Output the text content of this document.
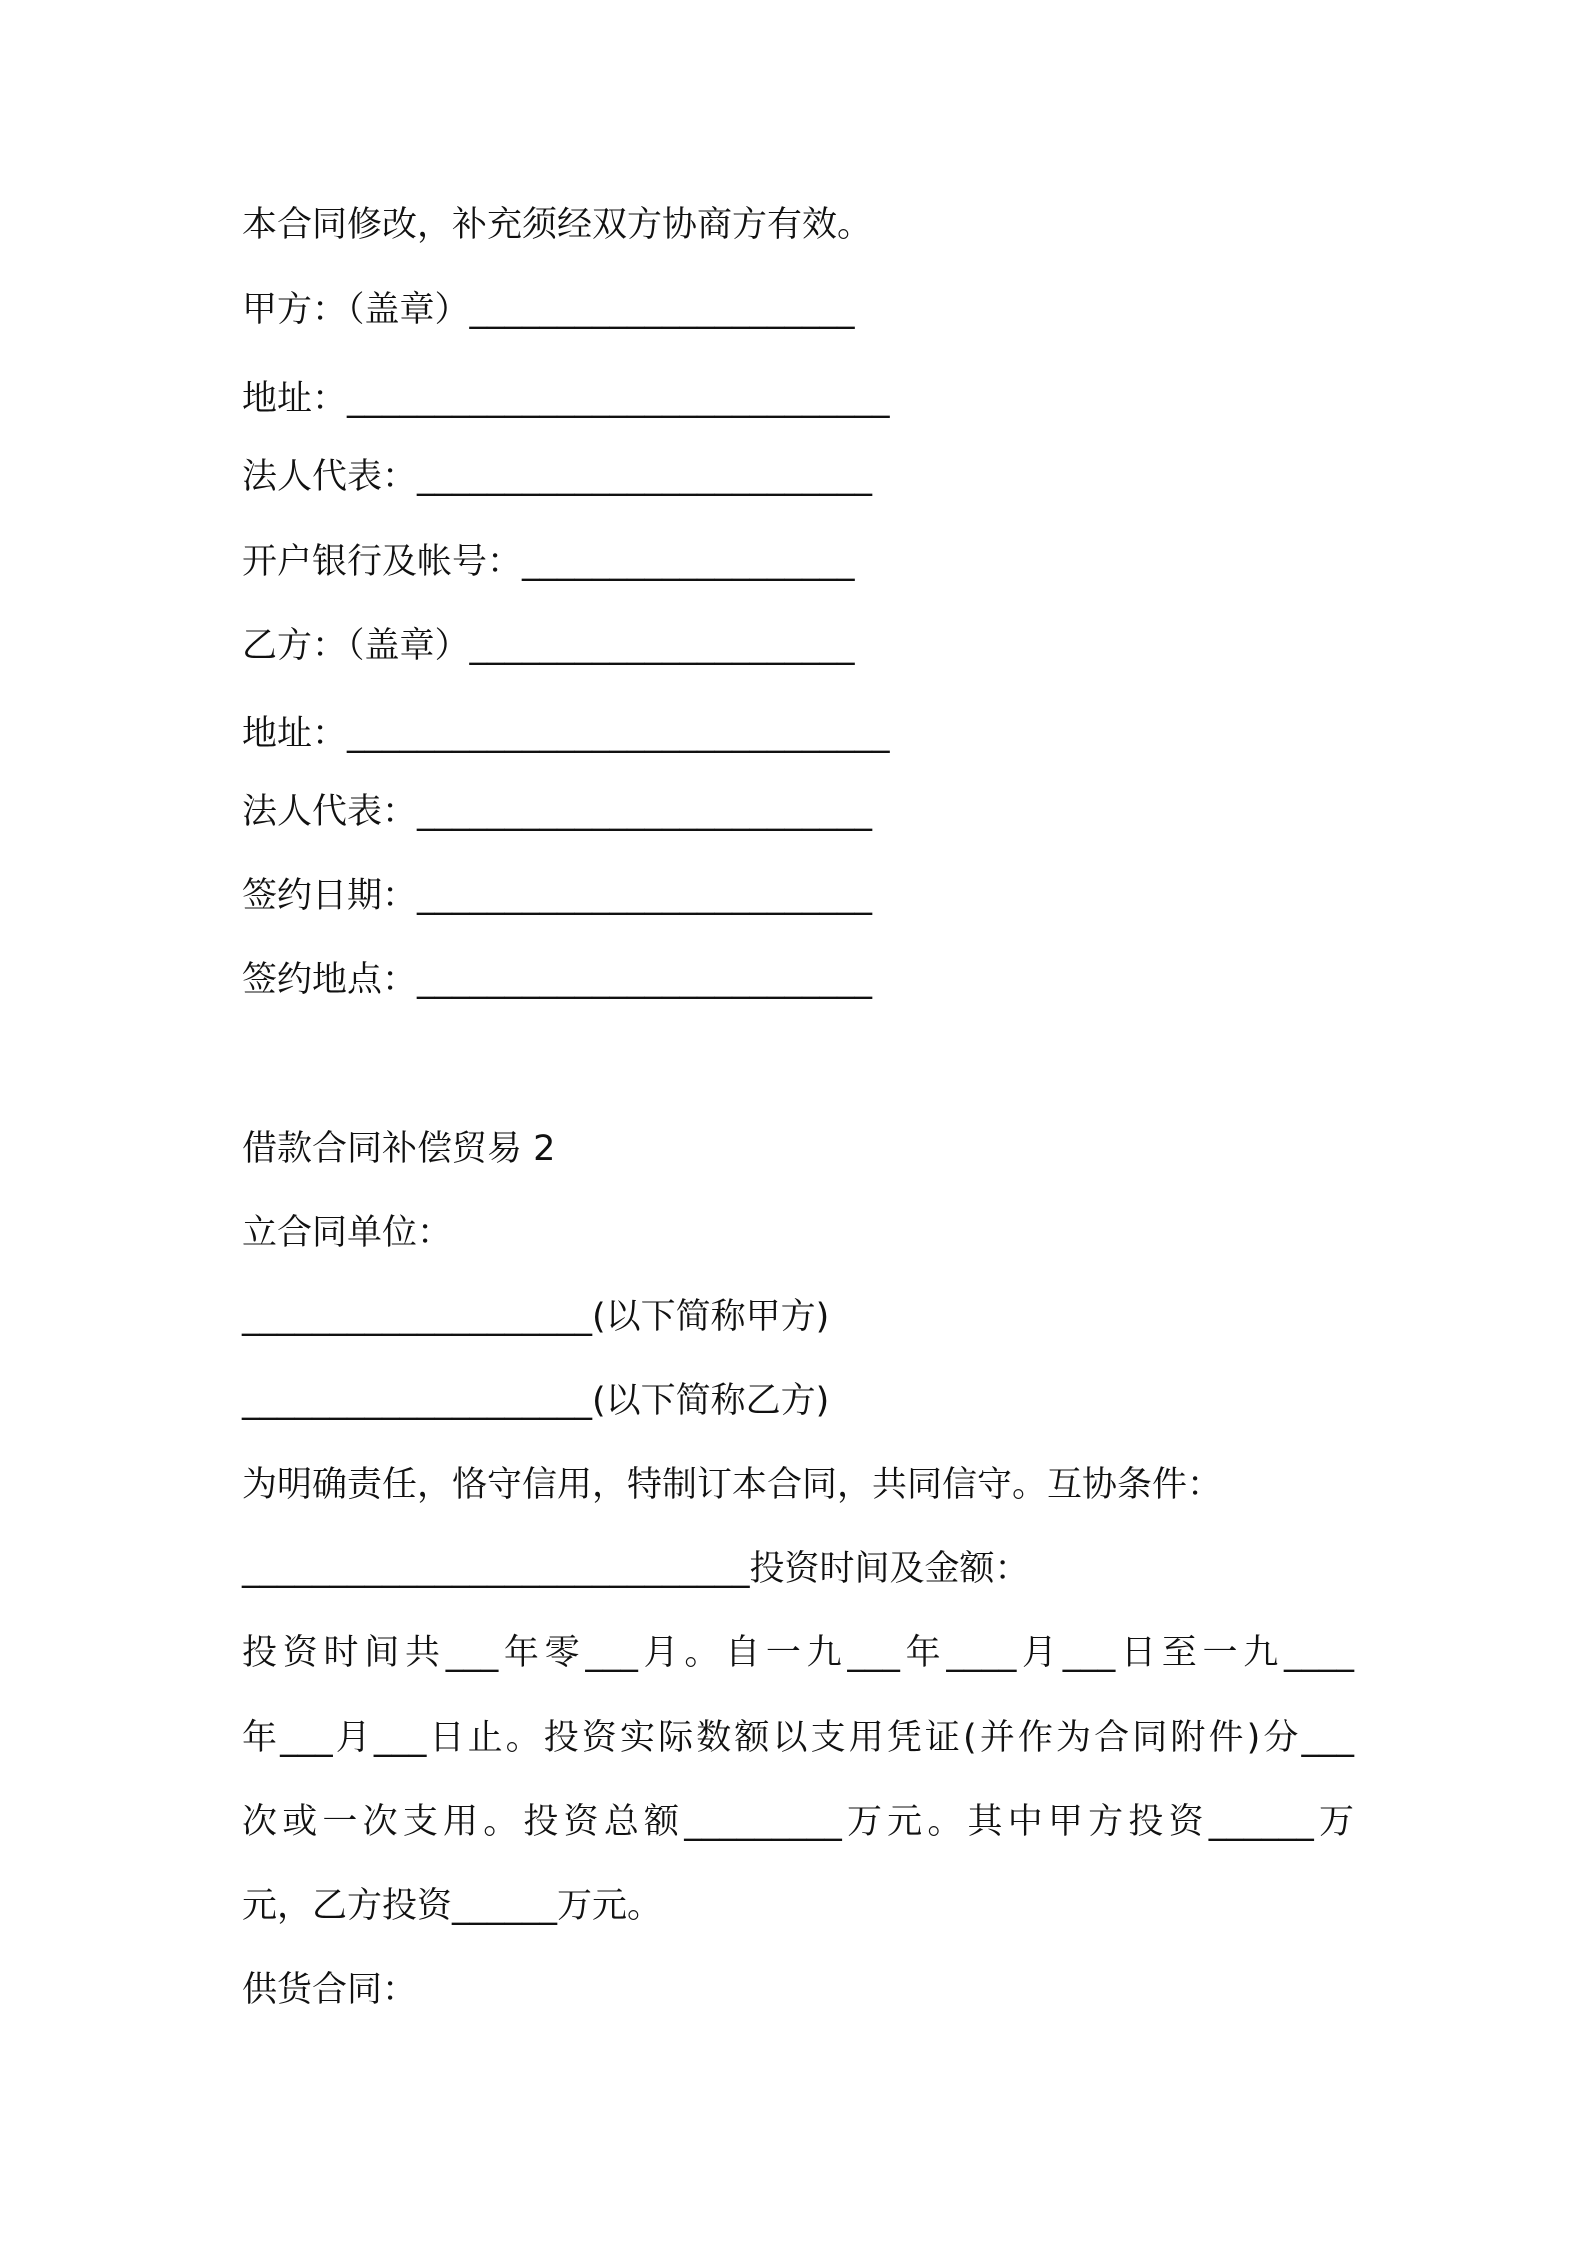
本合同修改，补充须经双方协商方有效。

甲方：（盖章）______________________

地址：_______________________________

法人代表：__________________________

开户银行及帐号：___________________

乙方：（盖章）______________________

地址：_______________________________

法人代表：__________________________

签约日期：__________________________

签约地点：__________________________

借款合同补偿贸易 2

立合同单位：

____________________(以下简称甲方)

____________________(以下简称乙方)

为明确责任，恪守信用，特制订本合同，共同信守。互协条件：

_____________________________投资时间及金额：

投资时间共___年零___月。自一九___年____月___日至一九____

年___月___日止。投资实际数额以支用凭证(并作为合同附件)分___

次或一次支用。投资总额_________万元。其中甲方投资______万

元，乙方投资______万元。

供货合同：
